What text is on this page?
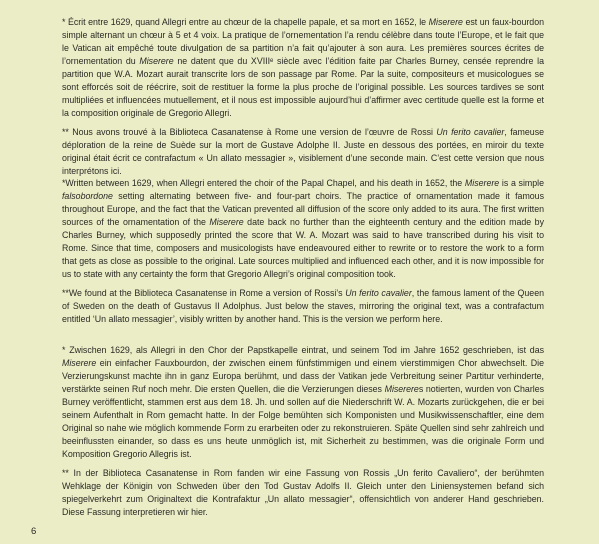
* Écrit entre 1629, quand Allegri entre au chœur de la chapelle papale, et sa mort en 1652, le Miserere est un faux-bourdon simple alternant un chœur à 5 et 4 voix. La pratique de l’ornementation l’a rendu célèbre dans toute l’Europe, et le fait que le Vatican ait empêché toute divulgation de sa partition n’a fait qu’ajouter à son aura. Les premières sources écrites de l’ornementation du Miserere ne datent que du XVIIIᵉ siècle avec l’édition faite par Charles Burney, censée reprendre la partition que W.A. Mozart aurait transcrite lors de son passage par Rome. Par la suite, compositeurs et musicologues se sont efforcés soit de réécrire, soit de restituer la forme la plus proche de l’original possible. Les sources tardives se sont multipliées et influencées mutuellement, et il nous est impossible aujourd’hui d’affirmer avec certitude quelle est la forme et la composition originale de Gregorio Allegri.

** Nous avons trouvé à la Biblioteca Casanatense à Rome une version de l’œuvre de Rossi Un ferito cavalier, fameuse déploration de la reine de Suède sur la mort de Gustave Adolphe II. Juste en dessous des portées, en miroir du texte original était écrit ce contrafactum « Un allato messagier », visiblement d’une seconde main. C’est cette version que nous interprétons ici.

*Written between 1629, when Allegri entered the choir of the Papal Chapel, and his death in 1652, the Miserere is a simple falsobordone setting alternating between five- and four-part choirs. The practice of ornamentation made it famous throughout Europe, and the fact that the Vatican prevented all diffusion of the score only added to its aura. The first written sources of the ornamentation of the Miserere date back no further than the eighteenth century and the edition made by Charles Burney, which supposedly printed the score that W. A. Mozart was said to have transcribed during his visit to Rome. Since that time, composers and musicologists have endeavoured either to rewrite or to restore the work to a form that gets as close as possible to the original. Late sources multiplied and influenced each other, and it is now impossible for us to state with any certainty the form that Gregorio Allegri’s original composition took.

**We found at the Biblioteca Casanatense in Rome a version of Rossi’s Un ferito cavalier, the famous lament of the Queen of Sweden on the death of Gustavus II Adolphus. Just below the staves, mirroring the original text, was a contrafactum entitled ‘Un allato messagier’, visibly written by another hand. This is the version we perform here.

* Zwischen 1629, als Allegri in den Chor der Papstkapelle eintrat, und seinem Tod im Jahre 1652 geschrieben, ist das Miserere ein einfacher Fauxbourdon, der zwischen einem fünfstimmigen und einem vierstimmigen Chor abwechselt. Die Verzierungskunst machte ihn in ganz Europa berühmt, und dass der Vatikan jede Verbreitung seiner Partitur verhinderte, verstärkte seinen Ruf noch mehr. Die ersten Quellen, die die Verzierungen dieses Misereres notierten, wurden von Charles Burney veröffentlicht, stammen erst aus dem 18. Jh. und sollen auf die Niederschrift W. A. Mozarts zurückgehen, die er bei seinem Aufenthalt in Rom gemacht hatte. In der Folge bemühten sich Komponisten und Musikwissenschaftler, eine dem Original so nahe wie möglich kommende Form zu erarbeiten oder zu rekonstruieren. Späte Quellen sind sehr zahlreich und beeinflussten einander, so dass es uns heute unmöglich ist, mit Sicherheit zu bestimmen, was die originale Form und Komposition Gregorio Allegris ist.

** In der Biblioteca Casanatense in Rom fanden wir eine Fassung von Rossis „Un ferito Cavaliero“, der berühmten Wehklage der Königin von Schweden über den Tod Gustav Adolfs II. Gleich unter den Liniensystemen befand sich spiegelverkehrt zum Originaltext die Kontrafaktur „Un allato messagier“, offensichtlich von anderer Hand geschrieben. Diese Fassung interpretieren wir hier.

6
